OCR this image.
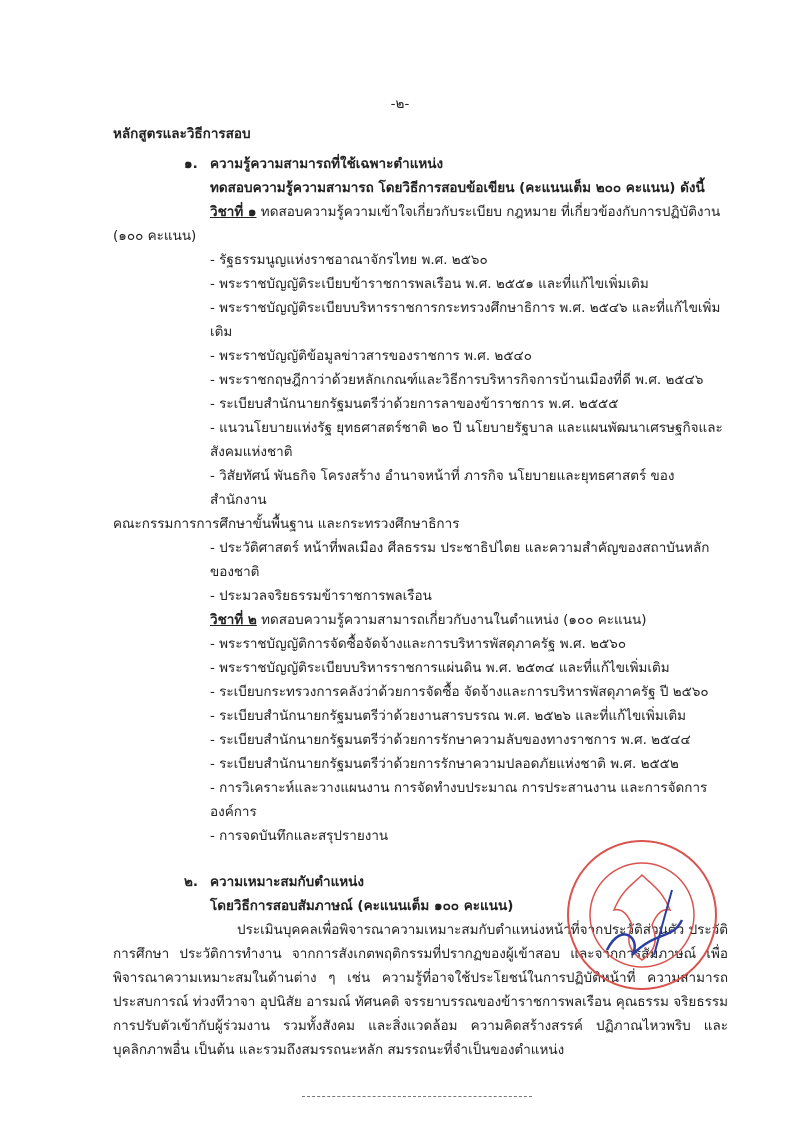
-๒-
หลักสูตรและวิธีการสอบ
๑. ความรู้ความสามารถที่ใช้เฉพาะตำแหน่ง
ทดสอบความรู้ความสามารถ โดยวิธีการสอบข้อเขียน (คะแนนเต็ม ๒๐๐ คะแนน) ดังนี้
วิชาที่ ๑ ทดสอบความรู้ความเข้าใจเกี่ยวกับระเบียบ กฎหมาย ที่เกี่ยวข้องกับการปฏิบัติงาน
(๑๐๐ คะแนน)
- รัฐธรรมนูญแห่งราชอาณาจักรไทย พ.ศ. ๒๕๖๐
- พระราชบัญญัติระเบียบข้าราชการพลเรือน พ.ศ. ๒๕๕๑ และที่แก้ไขเพิ่มเติม
- พระราชบัญญัติระเบียบบริหารราชการกระทรวงศึกษาธิการ พ.ศ. ๒๕๔๖ และที่แก้ไขเพิ่มเติม
- พระราชบัญญัติข้อมูลข่าวสารของราชการ พ.ศ. ๒๕๔๐
- พระราชกฤษฎีกาว่าด้วยหลักเกณฑ์และวิธีการบริหารกิจการบ้านเมืองที่ดี พ.ศ. ๒๕๔๖
- ระเบียบสำนักนายกรัฐมนตรีว่าด้วยการลาของข้าราชการ พ.ศ. ๒๕๕๕
- แนวนโยบายแห่งรัฐ ยุทธศาสตร์ชาติ ๒๐ ปี นโยบายรัฐบาล และแผนพัฒนาเศรษฐกิจและสังคมแห่งชาติ
- วิสัยทัศน์ พันธกิจ โครงสร้าง อำนาจหน้าที่ ภารกิจ นโยบายและยุทธศาสตร์ ของสำนักงาน
คณะกรรมการการศึกษาขั้นพื้นฐาน และกระทรวงศึกษาธิการ
- ประวัติศาสตร์ หน้าที่พลเมือง ศีลธรรม ประชาธิปไตย และความสำคัญของสถาบันหลักของชาติ
- ประมวลจริยธรรมข้าราชการพลเรือน
วิชาที่ ๒ ทดสอบความรู้ความสามารถเกี่ยวกับงานในตำแหน่ง (๑๐๐ คะแนน)
- พระราชบัญญัติการจัดซื้อจัดจ้างและการบริหารพัสดุภาครัฐ พ.ศ. ๒๕๖๐
- พระราชบัญญัติระเบียบบริหารราชการแผ่นดิน พ.ศ. ๒๕๓๔ และที่แก้ไขเพิ่มเติม
- ระเบียบกระทรวงการคลังว่าด้วยการจัดซื้อ จัดจ้างและการบริหารพัสดุภาครัฐ ปี ๒๕๖๐
- ระเบียบสำนักนายกรัฐมนตรีว่าด้วยงานสารบรรณ พ.ศ. ๒๕๒๖ และที่แก้ไขเพิ่มเติม
- ระเบียบสำนักนายกรัฐมนตรีว่าด้วยการรักษาความลับของทางราชการ พ.ศ. ๒๕๔๔
- ระเบียบสำนักนายกรัฐมนตรีว่าด้วยการรักษาความปลอดภัยแห่งชาติ พ.ศ. ๒๕๕๒
- การวิเคราะห์และวางแผนงาน การจัดทำงบประมาณ การประสานงาน และการจัดการองค์การ
- การจดบันทึกและสรุปรายงาน
๒. ความเหมาะสมกับตำแหน่ง
โดยวิธีการสอบสัมภาษณ์ (คะแนนเต็ม ๑๐๐ คะแนน)
ประเมินบุคคลเพื่อพิจารณาความเหมาะสมกับตำแหน่งหน้าที่จากประวัติส่วนตัว ประวัติ การศึกษา ประวัติการทำงาน จากการสังเกตพฤติกรรมที่ปรากฏของผู้เข้าสอบ และจากการสัมภาษณ์ เพื่อพิจารณาความเหมาะสมในด้านต่าง ๆ เช่น ความรู้ที่อาจใช้ประโยชน์ในการปฏิบัติหน้าที่ ความสามารถ ประสบการณ์ ท่วงทีวาจา อุปนิสัย อารมณ์ ทัศนคติ จรรยาบรรณของข้าราชการพลเรือน คุณธรรม จริยธรรม การปรับตัวเข้ากับผู้ร่วมงาน รวมทั้งสังคม และสิ่งแวดล้อม ความคิดสร้างสรรค์ ปฏิภาณไหวพริบ และบุคลิกภาพอื่น เป็นต้น และรวมถึงสมรรถนะหลัก สมรรถนะที่จำเป็นของตำแหน่ง
